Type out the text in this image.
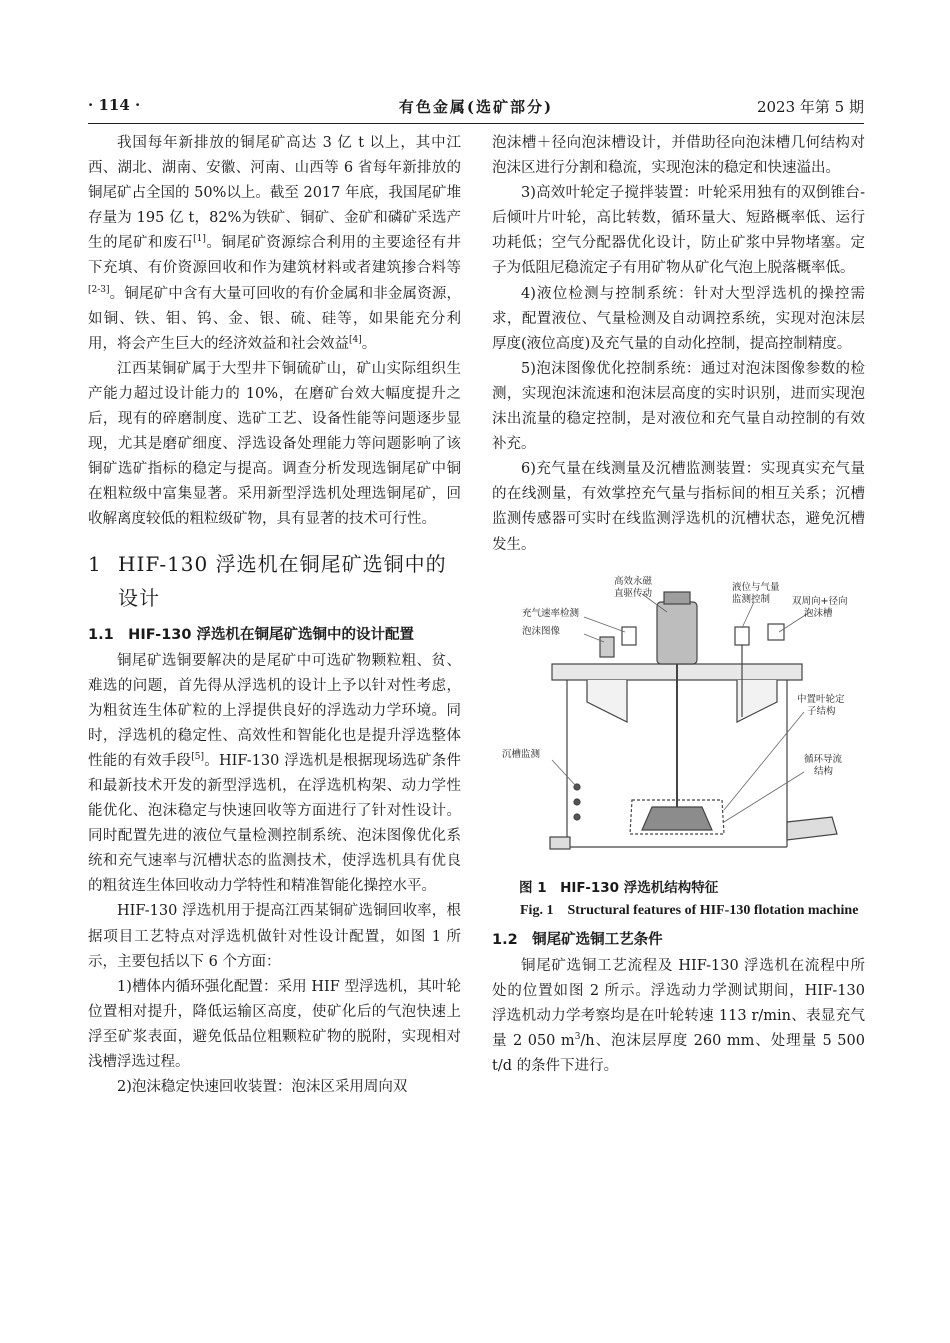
· 114 ·	有色金属(选矿部分)	2023 年第 5 期

我国每年新排放的铜尾矿高达 3 亿 t 以上，其中江西、湖北、湖南、安徽、河南、山西等 6 省每年新排放的铜尾矿占全国的 50%以上。截至 2017 年底，我国尾矿堆存量为 195 亿 t，82%为铁矿、铜矿、金矿和磷矿采选产生的尾矿和废石[1]。铜尾矿资源综合利用的主要途径有井下充填、有价资源回收和作为建筑材料或者建筑掺合料等[2-3]。铜尾矿中含有大量可回收的有价金属和非金属资源，如铜、铁、钼、钨、金、银、硫、硅等，如果能充分利用，将会产生巨大的经济效益和社会效益[4]。

江西某铜矿属于大型井下铜硫矿山，矿山实际组织生产能力超过设计能力的 10%，在磨矿台效大幅度提升之后，现有的碎磨制度、选矿工艺、设备性能等问题逐步显现，尤其是磨矿细度、浮选设备处理能力等问题影响了该铜矿选矿指标的稳定与提高。调查分析发现选铜尾矿中铜在粗粒级中富集显著。采用新型浮选机处理选铜尾矿，回收解离度较低的粗粒级矿物，具有显著的技术可行性。

1 HIF-130 浮选机在铜尾矿选铜中的设计
1.1　HIF-130 浮选机在铜尾矿选铜中的设计配置

铜尾矿选铜要解决的是尾矿中可选矿物颗粒粗、贫、难选的问题，首先得从浮选机的设计上予以针对性考虑，为粗贫连生体矿粒的上浮提供良好的浮选动力学环境。同时，浮选机的稳定性、高效性和智能化也是提升浮选整体性能的有效手段[5]。HIF-130 浮选机是根据现场选矿条件和最新技术开发的新型浮选机，在浮选机构架、动力学性能优化、泡沫稳定与快速回收等方面进行了针对性设计。同时配置先进的液位气量检测控制系统、泡沫图像优化系统和充气速率与沉槽状态的监测技术，使浮选机具有优良的粗贫连生体回收动力学特性和精准智能化操控水平。

HIF-130 浮选机用于提高江西某铜矿选铜回收率，根据项目工艺特点对浮选机做针对性设计配置，如图 1 所示，主要包括以下 6 个方面：

1)槽体内循环强化配置：采用 HIF 型浮选机，其叶轮位置相对提升，降低运输区高度，使矿化后的气泡快速上浮至矿浆表面，避免低品位粗颗粒矿物的脱附，实现相对浅槽浮选过程。

2)泡沫稳定快速回收装置：泡沫区采用周向双

泡沫槽＋径向泡沫槽设计，并借助径向泡沫槽几何结构对泡沫区进行分割和稳流，实现泡沫的稳定和快速溢出。

3)高效叶轮定子搅拌装置：叶轮采用独有的双倒锥台-后倾叶片叶轮，高比转数，循环量大、短路概率低、运行功耗低；空气分配器优化设计，防止矿浆中异物堵塞。定子为低阻尼稳流定子有用矿物从矿化气泡上脱落概率低。

4)液位检测与控制系统：针对大型浮选机的操控需求，配置液位、气量检测及自动调控系统，实现对泡沫层厚度(液位高度)及充气量的自动化控制，提高控制精度。

5)泡沫图像优化控制系统：通过对泡沫图像参数的检测，实现泡沫流速和泡沫层高度的实时识别，进而实现泡沫出流量的稳定控制，是对液位和充气量自动控制的有效补充。

6)充气量在线测量及沉槽监测装置：实现真实充气量的在线测量，有效掌控充气量与指标间的相互关系；沉槽监测传感器可实时在线监测浮选机的沉槽状态，避免沉槽发生。

高效永磁
直驱传动
液位与气量
监测控制
充气速率检测
泡沫图像
双周向+径向
泡沫槽
中置叶轮定
子结构
沉槽监测	循环导流
结构

图 1　HIF-130 浮选机结构特征

Fig. 1　Structural features of HIF-130 flotation machine

1.2　铜尾矿选铜工艺条件

铜尾矿选铜工艺流程及 HIF-130 浮选机在流程中所处的位置如图 2 所示。浮选动力学测试期间，HIF-130 浮选机动力学考察均是在叶轮转速 113 r/min、表显充气量 2 050 $m^3/h$、泡沫层厚度 260 mm、处理量 5 500 t/d 的条件下进行。
